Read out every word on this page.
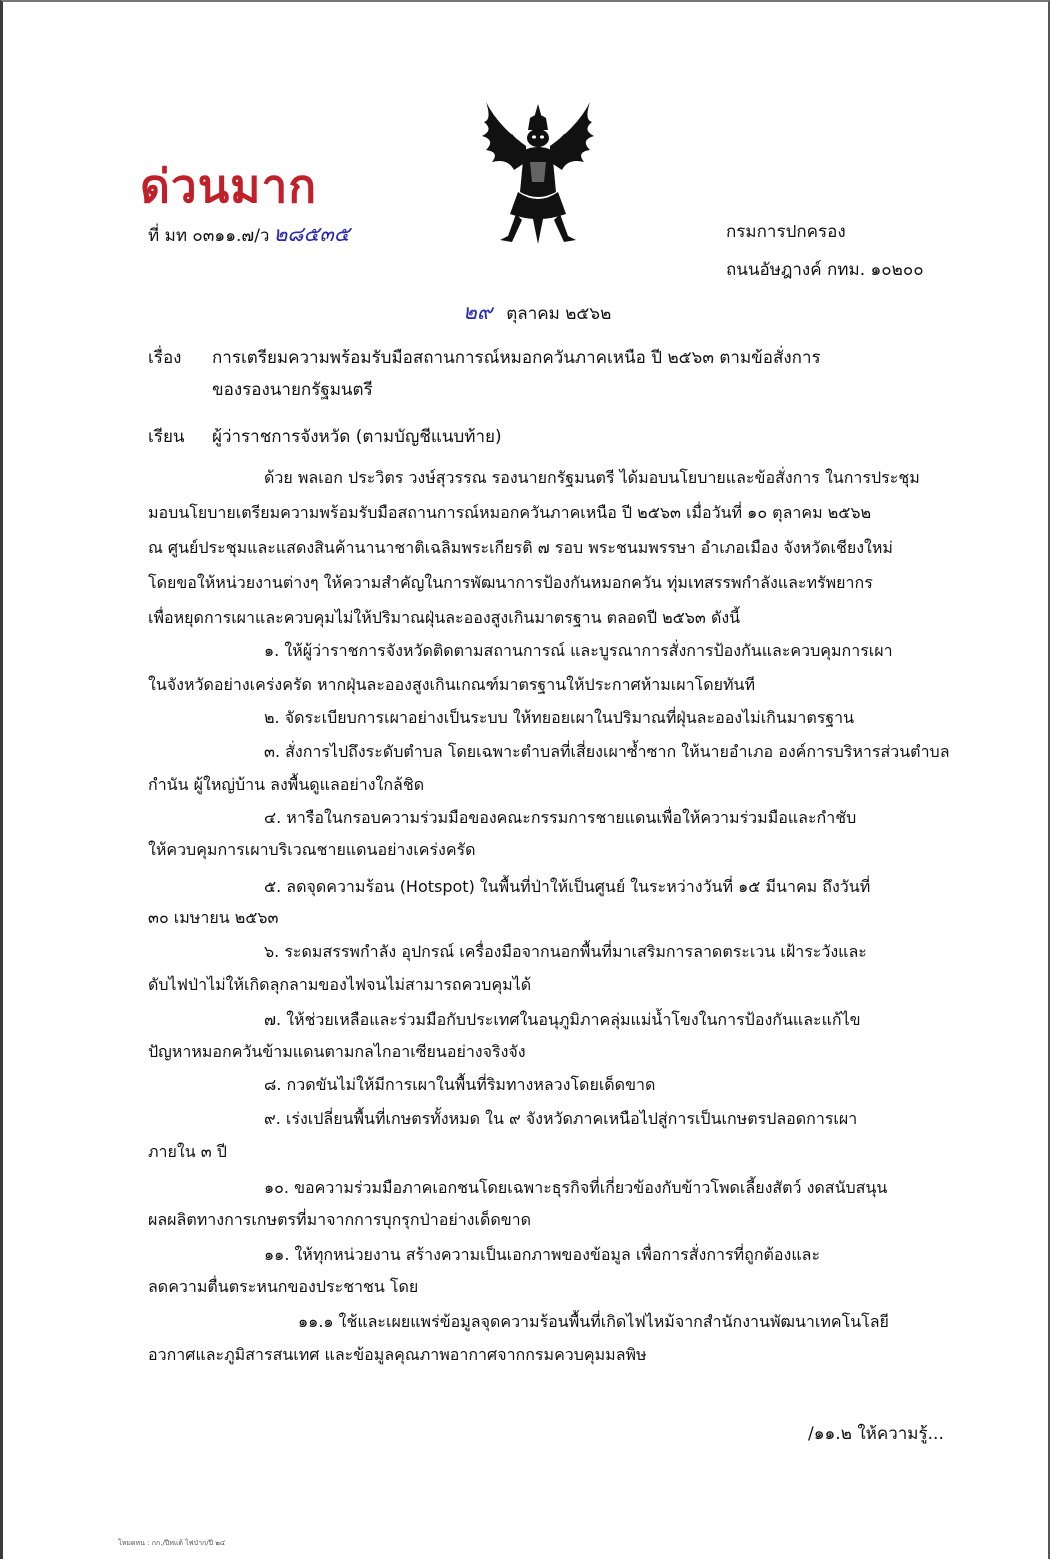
ด่วนมาก
ที่ มท ๐๓๑๑.๗/ว ๒๘๕๓๕	กรมการปกครอง
ถนนอัษฎางค์ กทม. ๑๐๒๐๐
๒๙ ตุลาคม ๒๕๖๒
เรื่อง การเตรียมความพร้อมรับมือสถานการณ์หมอกควันภาคเหนือ ปี ๒๕๖๓ ตามข้อสั่งการ
ของรองนายกรัฐมนตรี
เรียน ผู้ว่าราชการจังหวัด (ตามบัญชีแนบท้าย)
ด้วย พลเอก ประวิตร วงษ์สุวรรณ รองนายกรัฐมนตรี ได้มอบนโยบายและข้อสั่งการ ในการประชุม
มอบนโยบายเตรียมความพร้อมรับมือสถานการณ์หมอกควันภาคเหนือ ปี ๒๕๖๓ เมื่อวันที่ ๑๐ ตุลาคม ๒๕๖๒
ณ ศูนย์ประชุมและแสดงสินค้านานาชาติเฉลิมพระเกียรติ ๗ รอบ พระชนมพรรษา อำเภอเมือง จังหวัดเชียงใหม่
โดยขอให้หน่วยงานต่างๆ ให้ความสำคัญในการพัฒนาการป้องกันหมอกควัน ทุ่มเทสรรพกำลังและทรัพยากร
เพื่อหยุดการเผาและควบคุมไม่ให้ปริมาณฝุ่นละอองสูงเกินมาตรฐาน ตลอดปี ๒๕๖๓ ดังนี้
๑. ให้ผู้ว่าราชการจังหวัดติดตามสถานการณ์ และบูรณาการสั่งการป้องกันและควบคุมการเผา
ในจังหวัดอย่างเคร่งครัด หากฝุ่นละอองสูงเกินเกณฑ์มาตรฐานให้ประกาศห้ามเผาโดยทันที
๒. จัดระเบียบการเผาอย่างเป็นระบบ ให้ทยอยเผาในปริมาณที่ฝุ่นละอองไม่เกินมาตรฐาน
๓. สั่งการไปถึงระดับตำบล โดยเฉพาะตำบลที่เสี่ยงเผาซ้ำซาก ให้นายอำเภอ องค์การบริหารส่วนตำบล
กำนัน ผู้ใหญ่บ้าน ลงพื้นดูแลอย่างใกล้ชิด
๔. หารือในกรอบความร่วมมือของคณะกรรมการชายแดนเพื่อให้ความร่วมมือและกำชับ
ให้ควบคุมการเผาบริเวณชายแดนอย่างเคร่งครัด
๕. ลดจุดความร้อน (Hotspot) ในพื้นที่ป่าให้เป็นศูนย์ ในระหว่างวันที่ ๑๕ มีนาคม ถึงวันที่
๓๐ เมษายน ๒๕๖๓
๖. ระดมสรรพกำลัง อุปกรณ์ เครื่องมือจากนอกพื้นที่มาเสริมการลาดตระเวน เฝ้าระวังและ
ดับไฟป่าไม่ให้เกิดลุกลามของไฟจนไม่สามารถควบคุมได้
๗. ให้ช่วยเหลือและร่วมมือกับประเทศในอนุภูมิภาคลุ่มแม่น้ำโขงในการป้องกันและแก้ไข
ปัญหาหมอกควันข้ามแดนตามกลไกอาเซียนอย่างจริงจัง
๘. กวดขันไม่ให้มีการเผาในพื้นที่ริมทางหลวงโดยเด็ดขาด
๙. เร่งเปลี่ยนพื้นที่เกษตรทั้งหมด ใน ๙ จังหวัดภาคเหนือไปสู่การเป็นเกษตรปลอดการเผา
ภายใน ๓ ปี
๑๐. ขอความร่วมมือภาคเอกชนโดยเฉพาะธุรกิจที่เกี่ยวข้องกับข้าวโพดเลี้ยงสัตว์ งดสนับสนุน
ผลผลิตทางการเกษตรที่มาจากการบุกรุกป่าอย่างเด็ดขาด
๑๑. ให้ทุกหน่วยงาน สร้างความเป็นเอกภาพของข้อมูล เพื่อการสั่งการที่ถูกต้องและ
ลดความตื่นตระหนกของประชาชน โดย
๑๑.๑ ใช้และเผยแพร่ข้อมูลจุดความร้อนพื้นที่เกิดไฟไหม้จากสำนักงานพัฒนาเทคโนโลยี
อวกาศและภูมิสารสนเทศ และข้อมูลคุณภาพอากาศจากกรมควบคุมมลพิษ
/๑๑.๒ ให้ความรู้...
โหมดหน : กก./ปีทแต้ ไฟป่าก/ปี ๒๔
